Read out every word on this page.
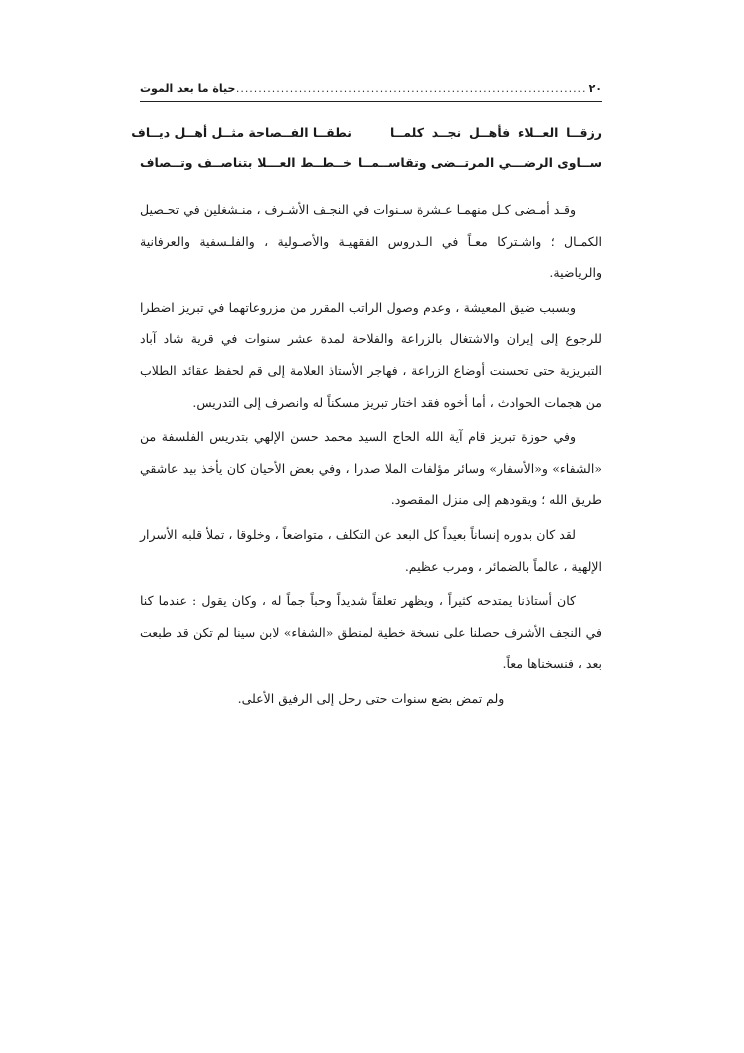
٢٠
.....
حياة ما بعد الموت
رزقــا العــلاء فأهــل نجــد كلمــا
نطقــا الفــصاحة مثــل أهــل ديــاف
ســاوى الرضـــي المرتــضى وتقاســمــا
خــطــط العـــلا بتناصــف وتــصاف

وقـد أمـضى كـل منهمـا عـشرة سـنوات في النجـف الأشـرف ، منـشغلين في تحـصيل الكمـال ؛ واشـتركا معـاً في الـدروس الفقهيـة والأصـولية ، والفلـسفية والعرفانية والرياضية.

وبسبب ضيق المعيشة ، وعدم وصول الراتب المقرر من مزروعاتهما في تبريز اضطرا للرجوع إلى إيران والاشتغال بالزراعة والفلاحة لمدة عشر سنوات في قرية شاد آباد التبريزية حتى تحسنت أوضاع الزراعة ، فهاجر الأستاذ العلامة إلى قم لحفظ عقائد الطلاب من هجمات الحوادث ، أما أخوه فقد اختار تبريز مسكناً له وانصرف إلى التدريس.

وفي حوزة تبريز قام آية الله الحاج السيد محمد حسن الإلهي بتدريس الفلسفة من «الشفاء» و«الأسفار» وسائر مؤلفات الملا صدرا ، وفي بعض الأحيان كان يأخذ بيد عاشقي طريق الله ؛ ويقودهم إلى منزل المقصود.

لقد كان بدوره إنساناً بعيداً كل البعد عن التكلف ، متواضعاً ، وخلوقا ، تملأ قلبه الأسرار الإلهية ، عالماً بالضمائر ، ومرب عظيم.

كان أستاذنا يمتدحه كثيراً ، ويظهر تعلقاً شديداً وحباً جماً له ، وكان يقول : عندما كنا في النجف الأشرف حصلنا على نسخة خطية لمنطق «الشفاء» لابن سينا لم تكن قد طبعت بعد ، فنسخناها معاً.

ولم تمض بضع سنوات حتى رحل إلى الرفيق الأعلى.
